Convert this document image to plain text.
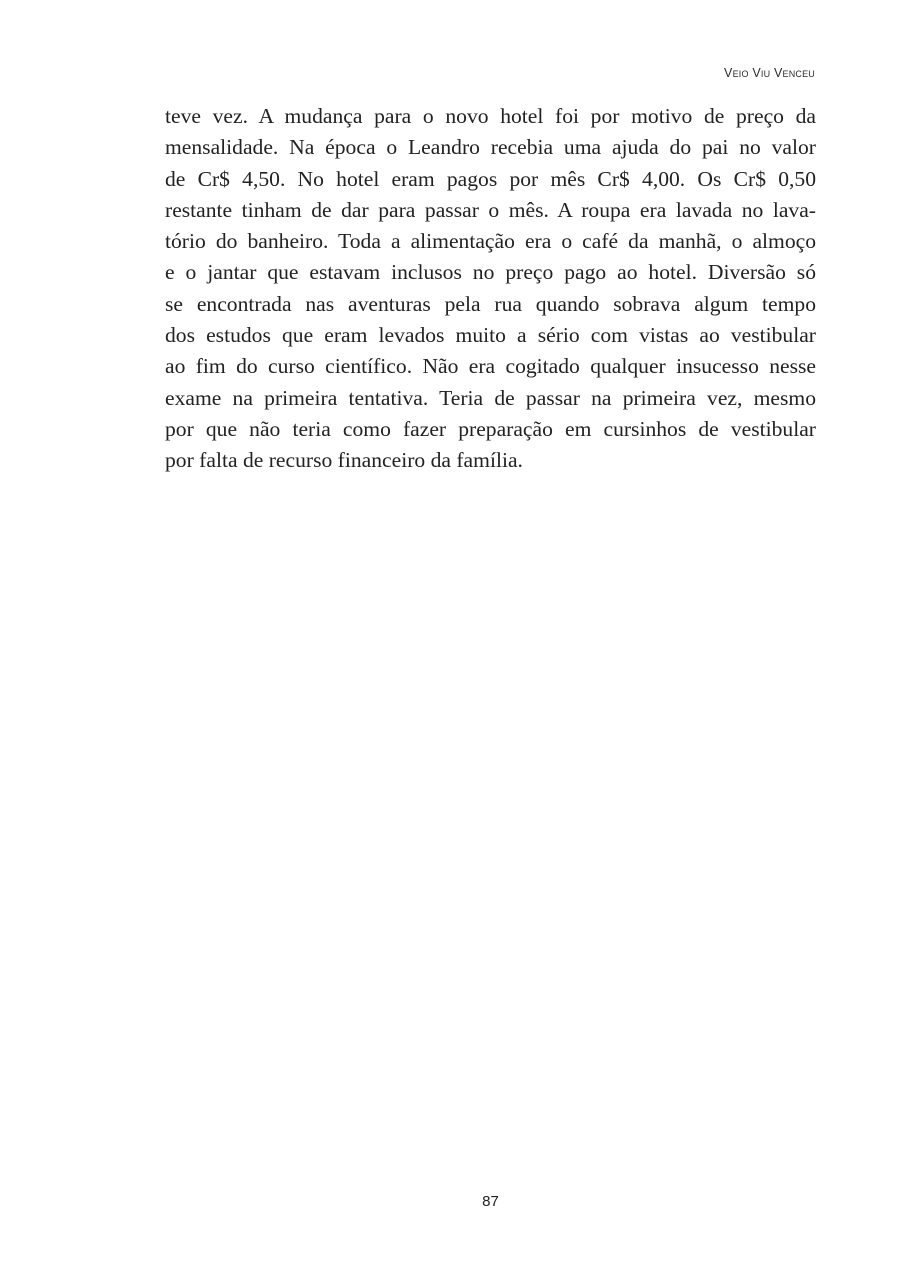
Veio Viu Venceu

teve vez. A mudança para o novo hotel foi por motivo de preço da
mensalidade. Na época o Leandro recebia uma ajuda do pai no valor
de Cr$ 4,50. No hotel eram pagos por mês Cr$ 4,00. Os Cr$ 0,50
restante tinham de dar para passar o mês. A roupa era lavada no lava-
tório do banheiro. Toda a alimentação era o café da manhã, o almoço
e o jantar que estavam inclusos no preço pago ao hotel. Diversão só
se encontrada nas aventuras pela rua quando sobrava algum tempo
dos estudos que eram levados muito a sério com vistas ao vestibular
ao fim do curso científico. Não era cogitado qualquer insucesso nesse
exame na primeira tentativa. Teria de passar na primeira vez, mesmo
por que não teria como fazer preparação em cursinhos de vestibular
por falta de recurso financeiro da família.

87
